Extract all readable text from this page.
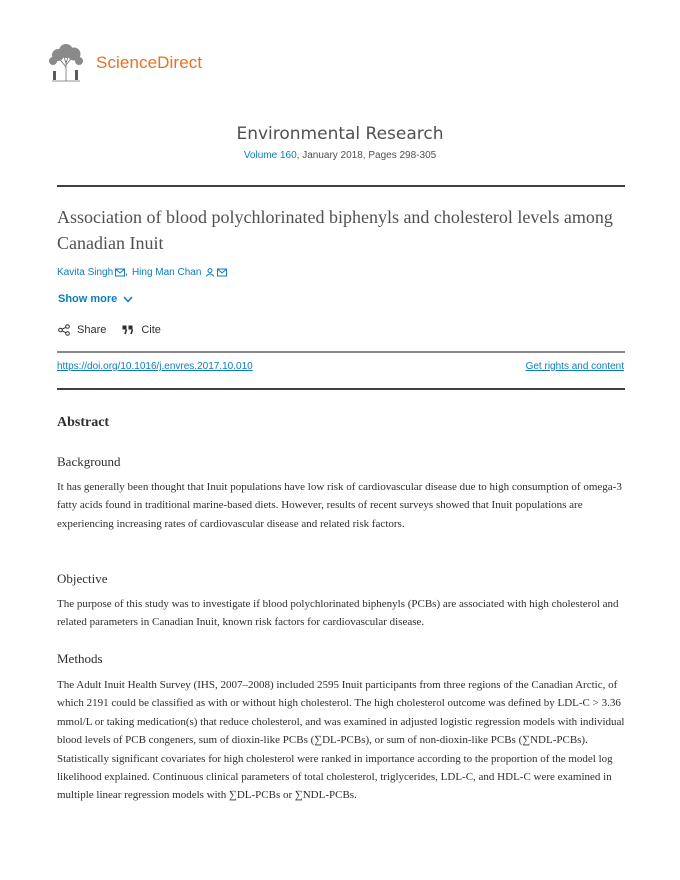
ScienceDirect
Environmental Research
Volume 160, January 2018, Pages 298-305
Association of blood polychlorinated biphenyls and cholesterol levels among Canadian Inuit
Kavita Singh , Hing Man Chan
Show more
Share	Cite
https://doi.org/10.1016/j.envres.2017.10.010	Get rights and content
Abstract
Background

It has generally been thought that Inuit populations have low risk of cardiovascular disease due to high consumption of omega-3 fatty acids found in traditional marine-based diets. However, results of recent surveys showed that Inuit populations are experiencing increasing rates of cardiovascular disease and related risk factors.

Objective

The purpose of this study was to investigate if blood polychlorinated biphenyls (PCBs) are associated with high cholesterol and related parameters in Canadian Inuit, known risk factors for cardiovascular disease.

Methods

The Adult Inuit Health Survey (IHS, 2007–2008) included 2595 Inuit participants from three regions of the Canadian Arctic, of which 2191 could be classified as with or without high cholesterol. The high cholesterol outcome was defined by LDL-C > 3.36 mmol/L or taking medication(s) that reduce cholesterol, and was examined in adjusted logistic regression models with individual blood levels of PCB congeners, sum of dioxin-like PCBs (∑DL-PCBs), or sum of non-dioxin-like PCBs (∑NDL-PCBs). Statistically significant covariates for high cholesterol were ranked in importance according to the proportion of the model log likelihood explained. Continuous clinical parameters of total cholesterol, triglycerides, LDL-C, and HDL-C were examined in multiple linear regression models with ∑DL-PCBs or ∑NDL-PCBs.
